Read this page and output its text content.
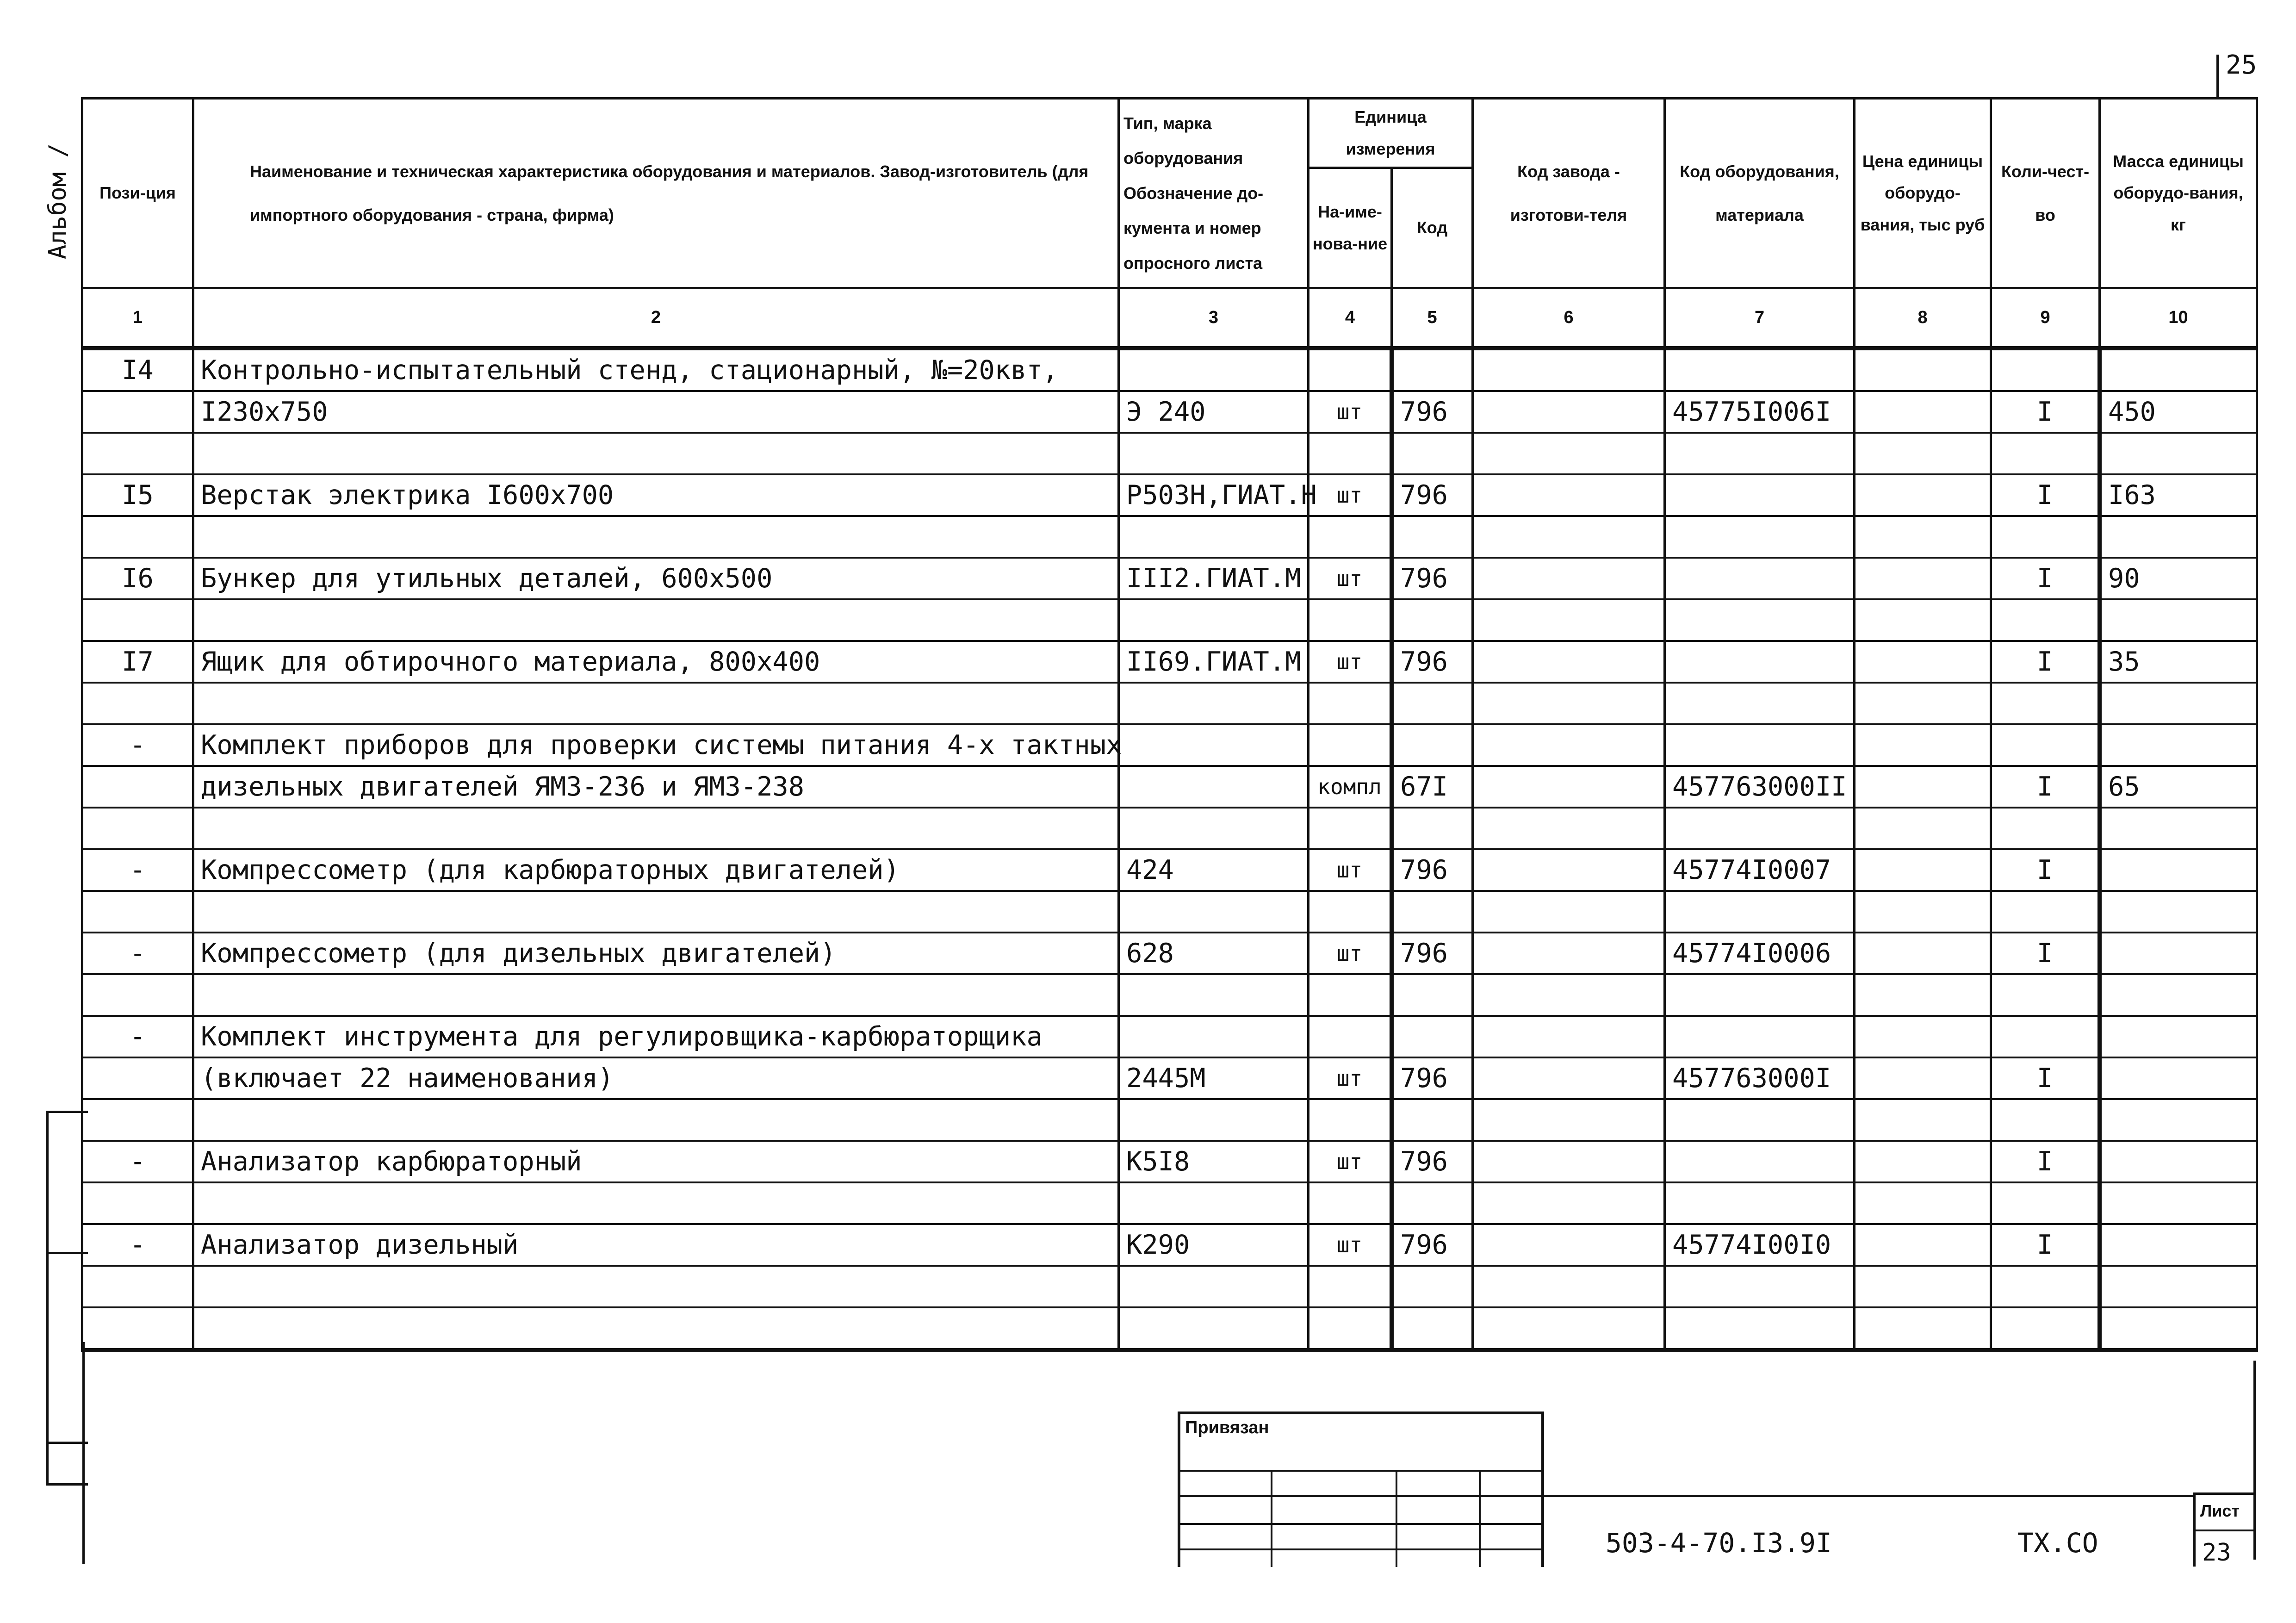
25
Альбом / Пози-ция	Наименование и техническая характеристика оборудования и материалов. Завод-изготовитель (для импортного оборудования - страна, фирма)	Тип, марка оборудования Обозначение до-кумента и номер опросного листа	Единица измерения		Код завода - изготови-теля	Код оборудования, материала	Цена единицы оборудо-вания, тыс руб	Коли-чест-во	Масса единицы оборудо-вания, кг
			На-име-нова-ние	Код					
1	2	3	4	5	6	7	8	9	10
I4	Контрольно-испытательный стенд, стационарный, №=20квт,								
	I230x750	Э 240	шт	796		45775I006I		I	450

I5	Верстак электрика I600x700	Р503Н,ГИАТ.Н	шт	796				I	I63

I6	Бункер для утильных деталей, 600x500	III2.ГИАТ.М	шт	796				I	90

I7	Ящик для обтирочного материала, 800x400	II69.ГИАТ.М	шт	796				I	35

-	Комплект приборов для проверки системы питания 4-х тактных								
	дизельных двигателей ЯМЗ-236 и ЯМЗ-238		компл	67I		457763000II		I	65

-	Компрессометр (для карбюраторных двигателей)	424	шт	796		45774I0007		I	

-	Компрессометр (для дизельных двигателей)	628	шт	796		45774I0006		I	

-	Комплект инструмента для регулировщика-карбюраторщика								
	(включает 22 наименования)	2445М	шт	796		457763000I		I	

-	Анализатор карбюраторный	К5I8	шт	796				I	

-	Анализатор дизельный	К290	шт	796		45774I00I0		I	

Привязан
503-4-70.I3.9I	ТХ.СО
Лист
23
